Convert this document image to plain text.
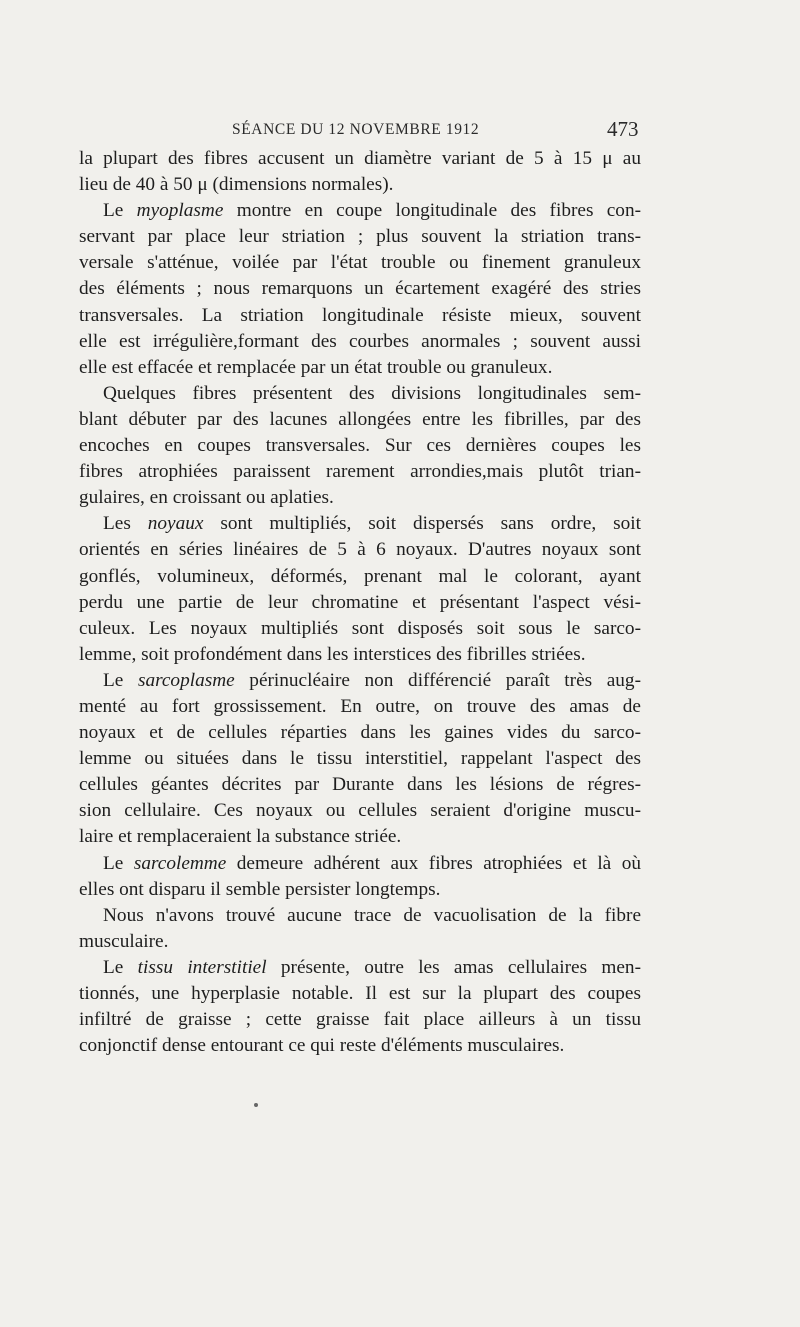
SÉANCE DU 12 NOVEMBRE 1912	473
la plupart des fibres accusent un diamètre variant de 5 à 15 μ au
lieu de 40 à 50 μ (dimensions normales).
Le myoplasme montre en coupe longitudinale des fibres con-
servant par place leur striation ; plus souvent la striation trans-
versale s'atténue, voilée par l'état trouble ou finement granuleux
des éléments ; nous remarquons un écartement exagéré des stries
transversales. La striation longitudinale résiste mieux, souvent
elle est irrégulière,formant des courbes anormales ; souvent aussi
elle est effacée et remplacée par un état trouble ou granuleux.
Quelques fibres présentent des divisions longitudinales sem-
blant débuter par des lacunes allongées entre les fibrilles, par des
encoches en coupes transversales. Sur ces dernières coupes les
fibres atrophiées paraissent rarement arrondies,mais plutôt trian-
gulaires, en croissant ou aplaties.
Les noyaux sont multipliés, soit dispersés sans ordre, soit
orientés en séries linéaires de 5 à 6 noyaux. D'autres noyaux sont
gonflés, volumineux, déformés, prenant mal le colorant, ayant
perdu une partie de leur chromatine et présentant l'aspect vési-
culeux. Les noyaux multipliés sont disposés soit sous le sarco-
lemme, soit profondément dans les interstices des fibrilles striées.
Le sarcoplasme périnucléaire non différencié paraît très aug-
menté au fort grossissement. En outre, on trouve des amas de
noyaux et de cellules réparties dans les gaines vides du sarco-
lemme ou situées dans le tissu interstitiel, rappelant l'aspect des
cellules géantes décrites par Durante dans les lésions de régres-
sion cellulaire. Ces noyaux ou cellules seraient d'origine muscu-
laire et remplaceraient la substance striée.
Le sarcolemme demeure adhérent aux fibres atrophiées et là où
elles ont disparu il semble persister longtemps.
Nous n'avons trouvé aucune trace de vacuolisation de la fibre
musculaire.
Le tissu interstitiel présente, outre les amas cellulaires men-
tionnés, une hyperplasie notable. Il est sur la plupart des coupes
infiltré de graisse ; cette graisse fait place ailleurs à un tissu
conjonctif dense entourant ce qui reste d'éléments musculaires.
